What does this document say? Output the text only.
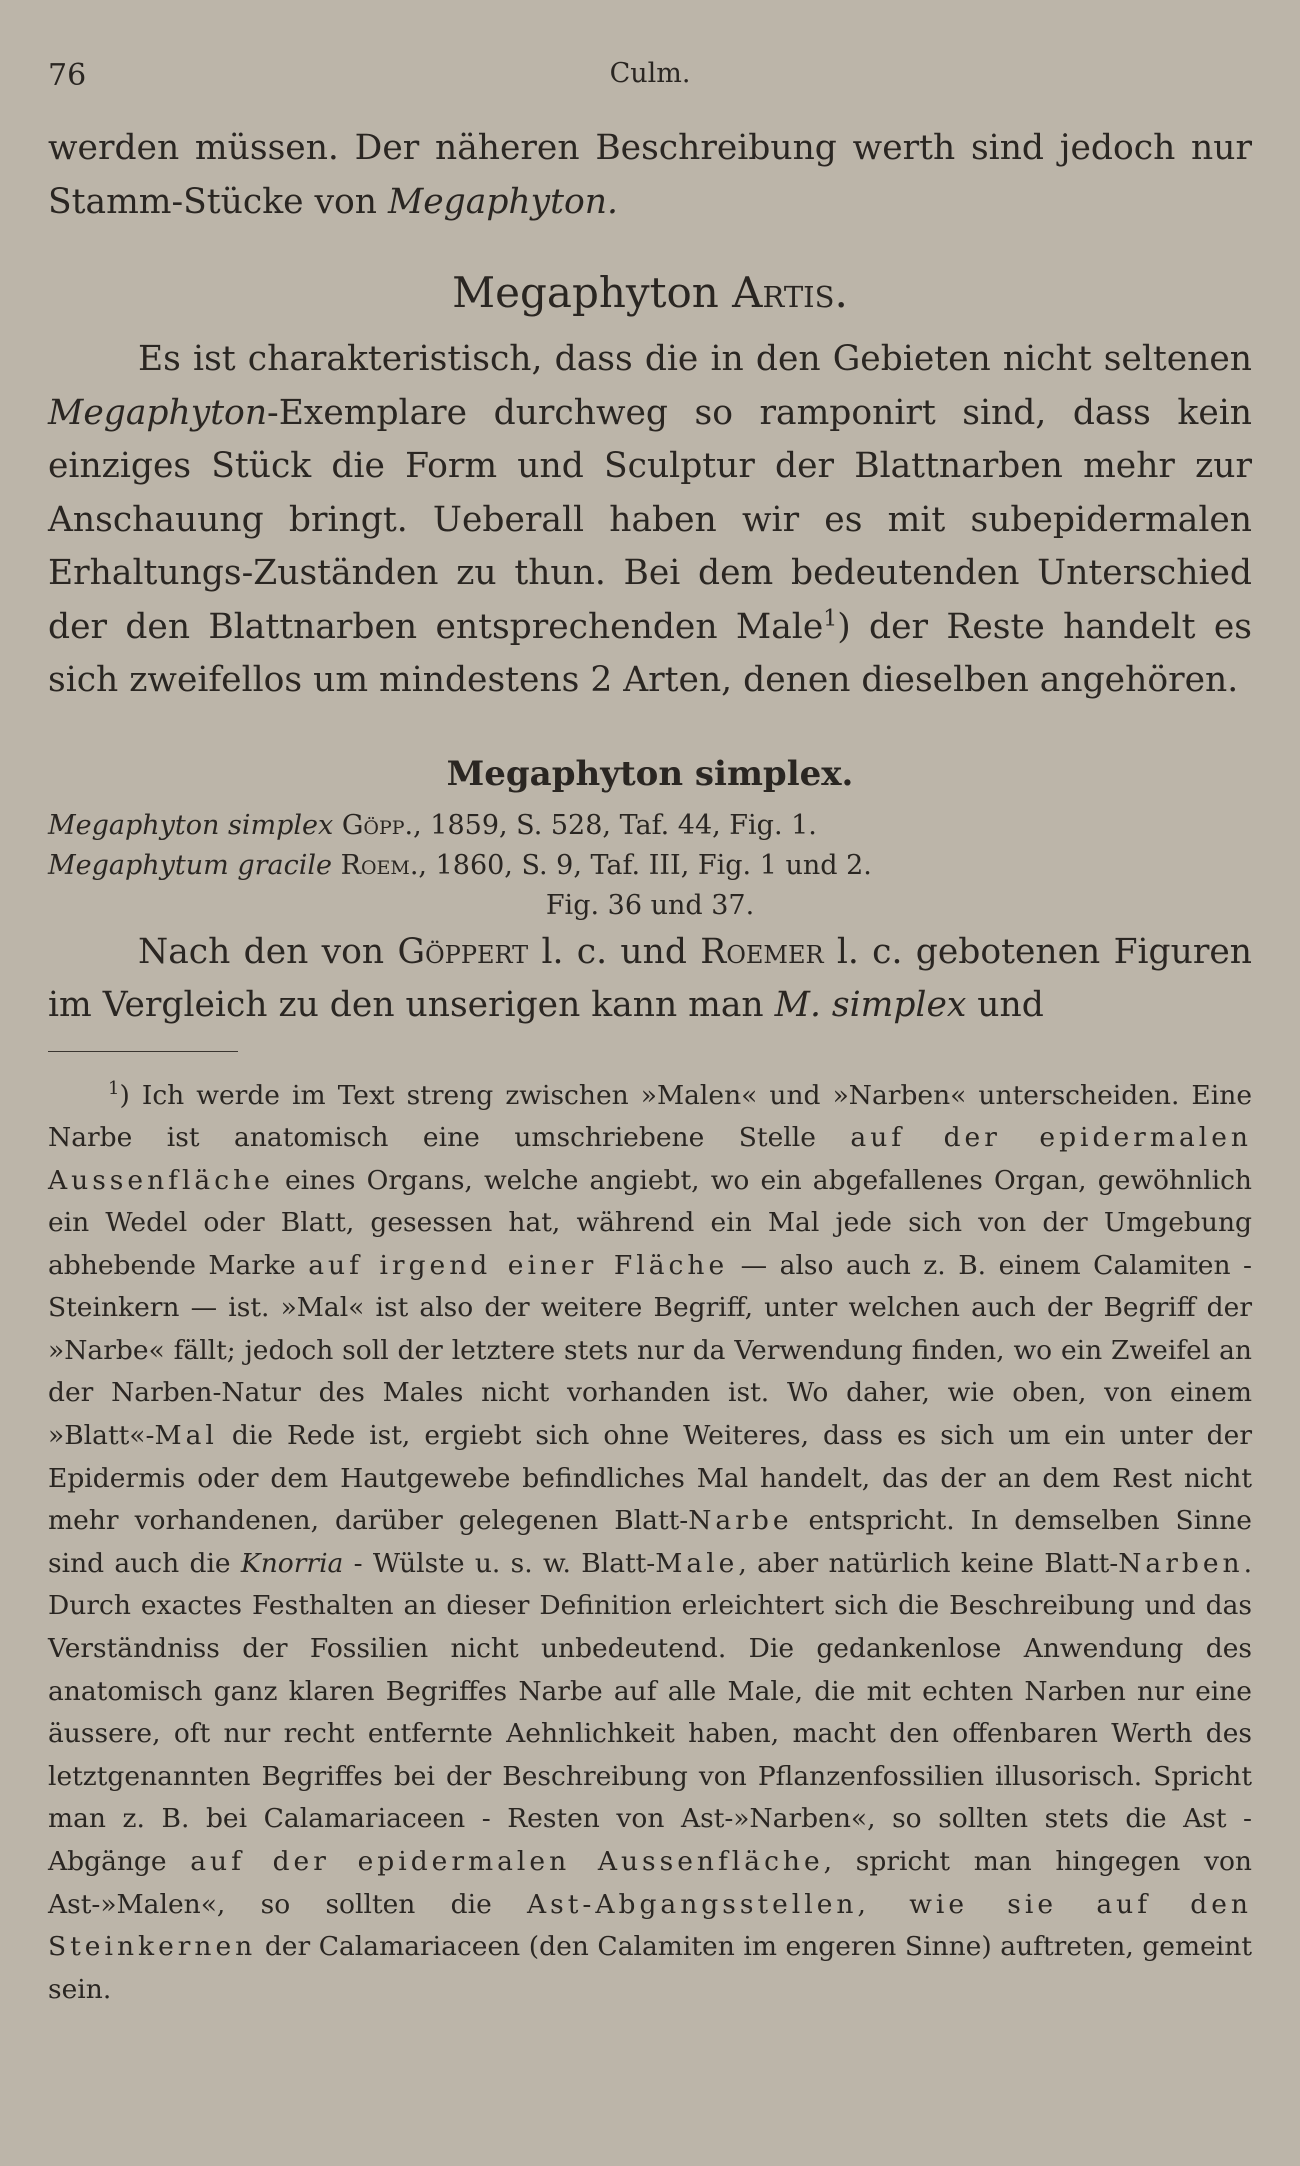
76	Culm.

werden müssen. Der näheren Beschreibung werth sind jedoch nur Stamm-Stücke von Megaphyton.

Megaphyton Artis.

Es ist charakteristisch, dass die in den Gebieten nicht seltenen Megaphyton-Exemplare durchweg so ramponirt sind, dass kein einziges Stück die Form und Sculptur der Blattnarben mehr zur Anschauung bringt. Ueberall haben wir es mit subepidermalen Erhaltungs-Zuständen zu thun. Bei dem bedeutenden Unterschied der den Blattnarben entsprechenden Male$^1$) der Reste handelt es sich zweifellos um mindestens 2 Arten, denen dieselben angehören.

Megaphyton simplex.
Megaphyton simplex Göpp., 1859, S. 528, Taf. 44, Fig. 1.
Megaphytum gracile Roem., 1860, S. 9, Taf. III, Fig. 1 und 2.
Fig. 36 und 37.

Nach den von Göppert l. c. und Roemer l. c. gebotenen Figuren im Vergleich zu den unserigen kann man M. simplex und

$^1$) Ich werde im Text streng zwischen »Malen« und »Narben« unterscheiden. Eine Narbe ist anatomisch eine umschriebene Stelle auf der epidermalen Aussenfläche eines Organs, welche angiebt, wo ein abgefallenes Organ, gewöhnlich ein Wedel oder Blatt, gesessen hat, während ein Mal jede sich von der Umgebung abhebende Marke auf irgend einer Fläche — also auch z. B. einem Calamiten - Steinkern — ist. »Mal« ist also der weitere Begriff, unter welchen auch der Begriff der »Narbe« fällt; jedoch soll der letztere stets nur da Verwendung finden, wo ein Zweifel an der Narben-Natur des Males nicht vorhanden ist. Wo daher, wie oben, von einem »Blatt«-Mal die Rede ist, ergiebt sich ohne Weiteres, dass es sich um ein unter der Epidermis oder dem Hautgewebe befindliches Mal handelt, das der an dem Rest nicht mehr vorhandenen, darüber gelegenen Blatt-Narbe entspricht. In demselben Sinne sind auch die Knorria - Wülste u. s. w. Blatt-Male, aber natürlich keine Blatt-Narben. Durch exactes Festhalten an dieser Definition erleichtert sich die Beschreibung und das Verständniss der Fossilien nicht unbedeutend. Die gedankenlose Anwendung des anatomisch ganz klaren Begriffes Narbe auf alle Male, die mit echten Narben nur eine äussere, oft nur recht entfernte Aehnlichkeit haben, macht den offenbaren Werth des letztgenannten Begriffes bei der Beschreibung von Pflanzenfossilien illusorisch. Spricht man z. B. bei Calamariaceen - Resten von Ast-»Narben«, so sollten stets die Ast - Abgänge auf der epidermalen Aussenfläche, spricht man hingegen von Ast-»Malen«, so sollten die Ast-Abgangsstellen, wie sie auf den Steinkernen der Calamariaceen (den Calamiten im engeren Sinne) auftreten, gemeint sein.
